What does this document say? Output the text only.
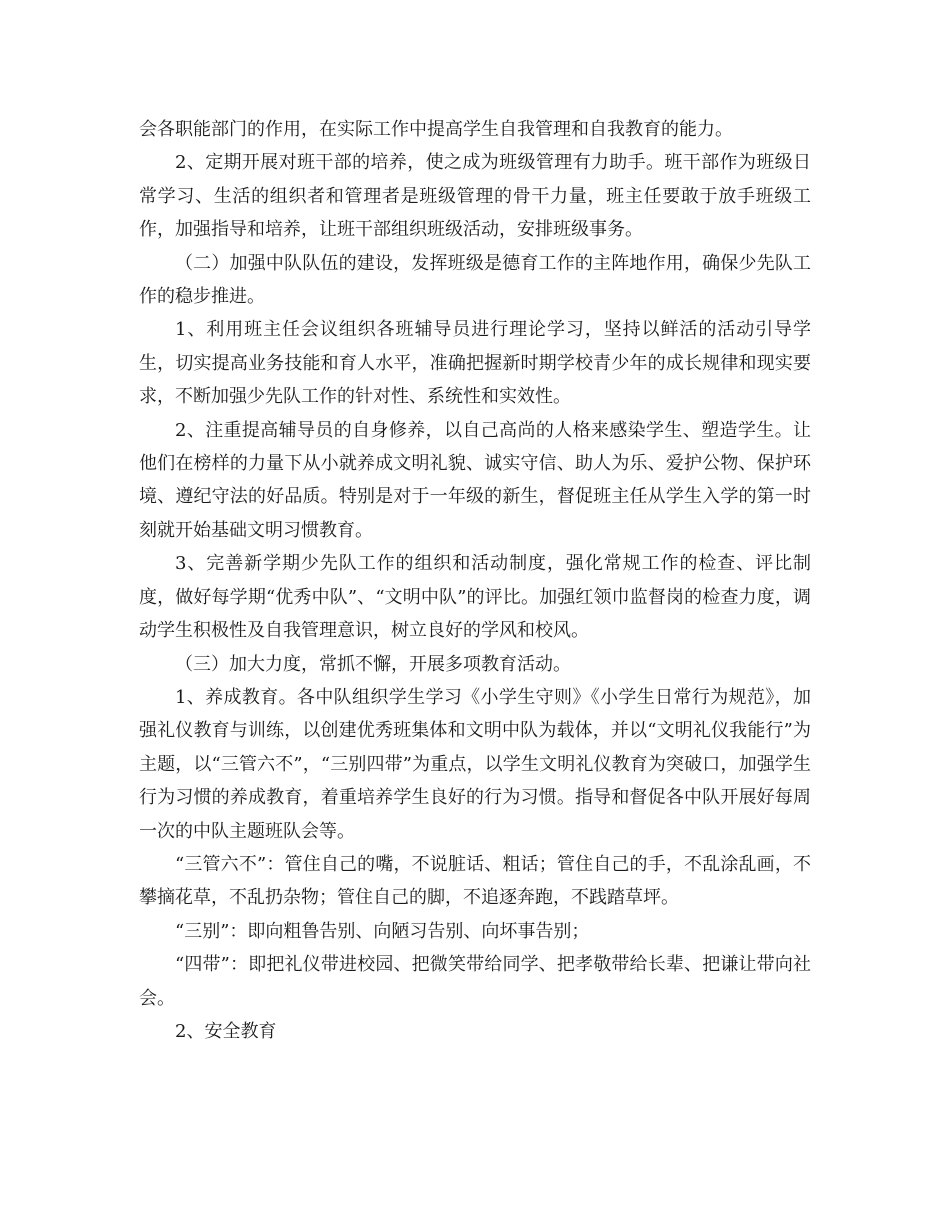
会各职能部门的作用，在实际工作中提高学生自我管理和自我教育的能力。

2、定期开展对班干部的培养，使之成为班级管理有力助手。班干部作为班级日常学习、生活的组织者和管理者是班级管理的骨干力量，班主任要敢于放手班级工作，加强指导和培养，让班干部组织班级活动，安排班级事务。

（二）加强中队队伍的建设，发挥班级是德育工作的主阵地作用，确保少先队工作的稳步推进。

1、利用班主任会议组织各班辅导员进行理论学习，坚持以鲜活的活动引导学生，切实提高业务技能和育人水平，准确把握新时期学校青少年的成长规律和现实要求，不断加强少先队工作的针对性、系统性和实效性。

2、注重提高辅导员的自身修养，以自己高尚的人格来感染学生、塑造学生。让他们在榜样的力量下从小就养成文明礼貌、诚实守信、助人为乐、爱护公物、保护环境、遵纪守法的好品质。特别是对于一年级的新生，督促班主任从学生入学的第一时刻就开始基础文明习惯教育。

3、完善新学期少先队工作的组织和活动制度，强化常规工作的检查、评比制度，做好每学期“优秀中队”、“文明中队”的评比。加强红领巾监督岗的检查力度，调动学生积极性及自我管理意识，树立良好的学风和校风。

（三）加大力度，常抓不懈，开展多项教育活动。

1、养成教育。各中队组织学生学习《小学生守则》《小学生日常行为规范》，加强礼仪教育与训练，以创建优秀班集体和文明中队为载体，并以“文明礼仪我能行”为主题，以“三管六不”，“三别四带”为重点，以学生文明礼仪教育为突破口，加强学生行为习惯的养成教育，着重培养学生良好的行为习惯。指导和督促各中队开展好每周一次的中队主题班队会等。

“三管六不”：管住自己的嘴，不说脏话、粗话；管住自己的手，不乱涂乱画，不攀摘花草，不乱扔杂物；管住自己的脚，不追逐奔跑，不践踏草坪。

“三别”：即向粗鲁告别、向陋习告别、向坏事告别；

“四带”：即把礼仪带进校园、把微笑带给同学、把孝敬带给长辈、把谦让带向社会。

2、安全教育
